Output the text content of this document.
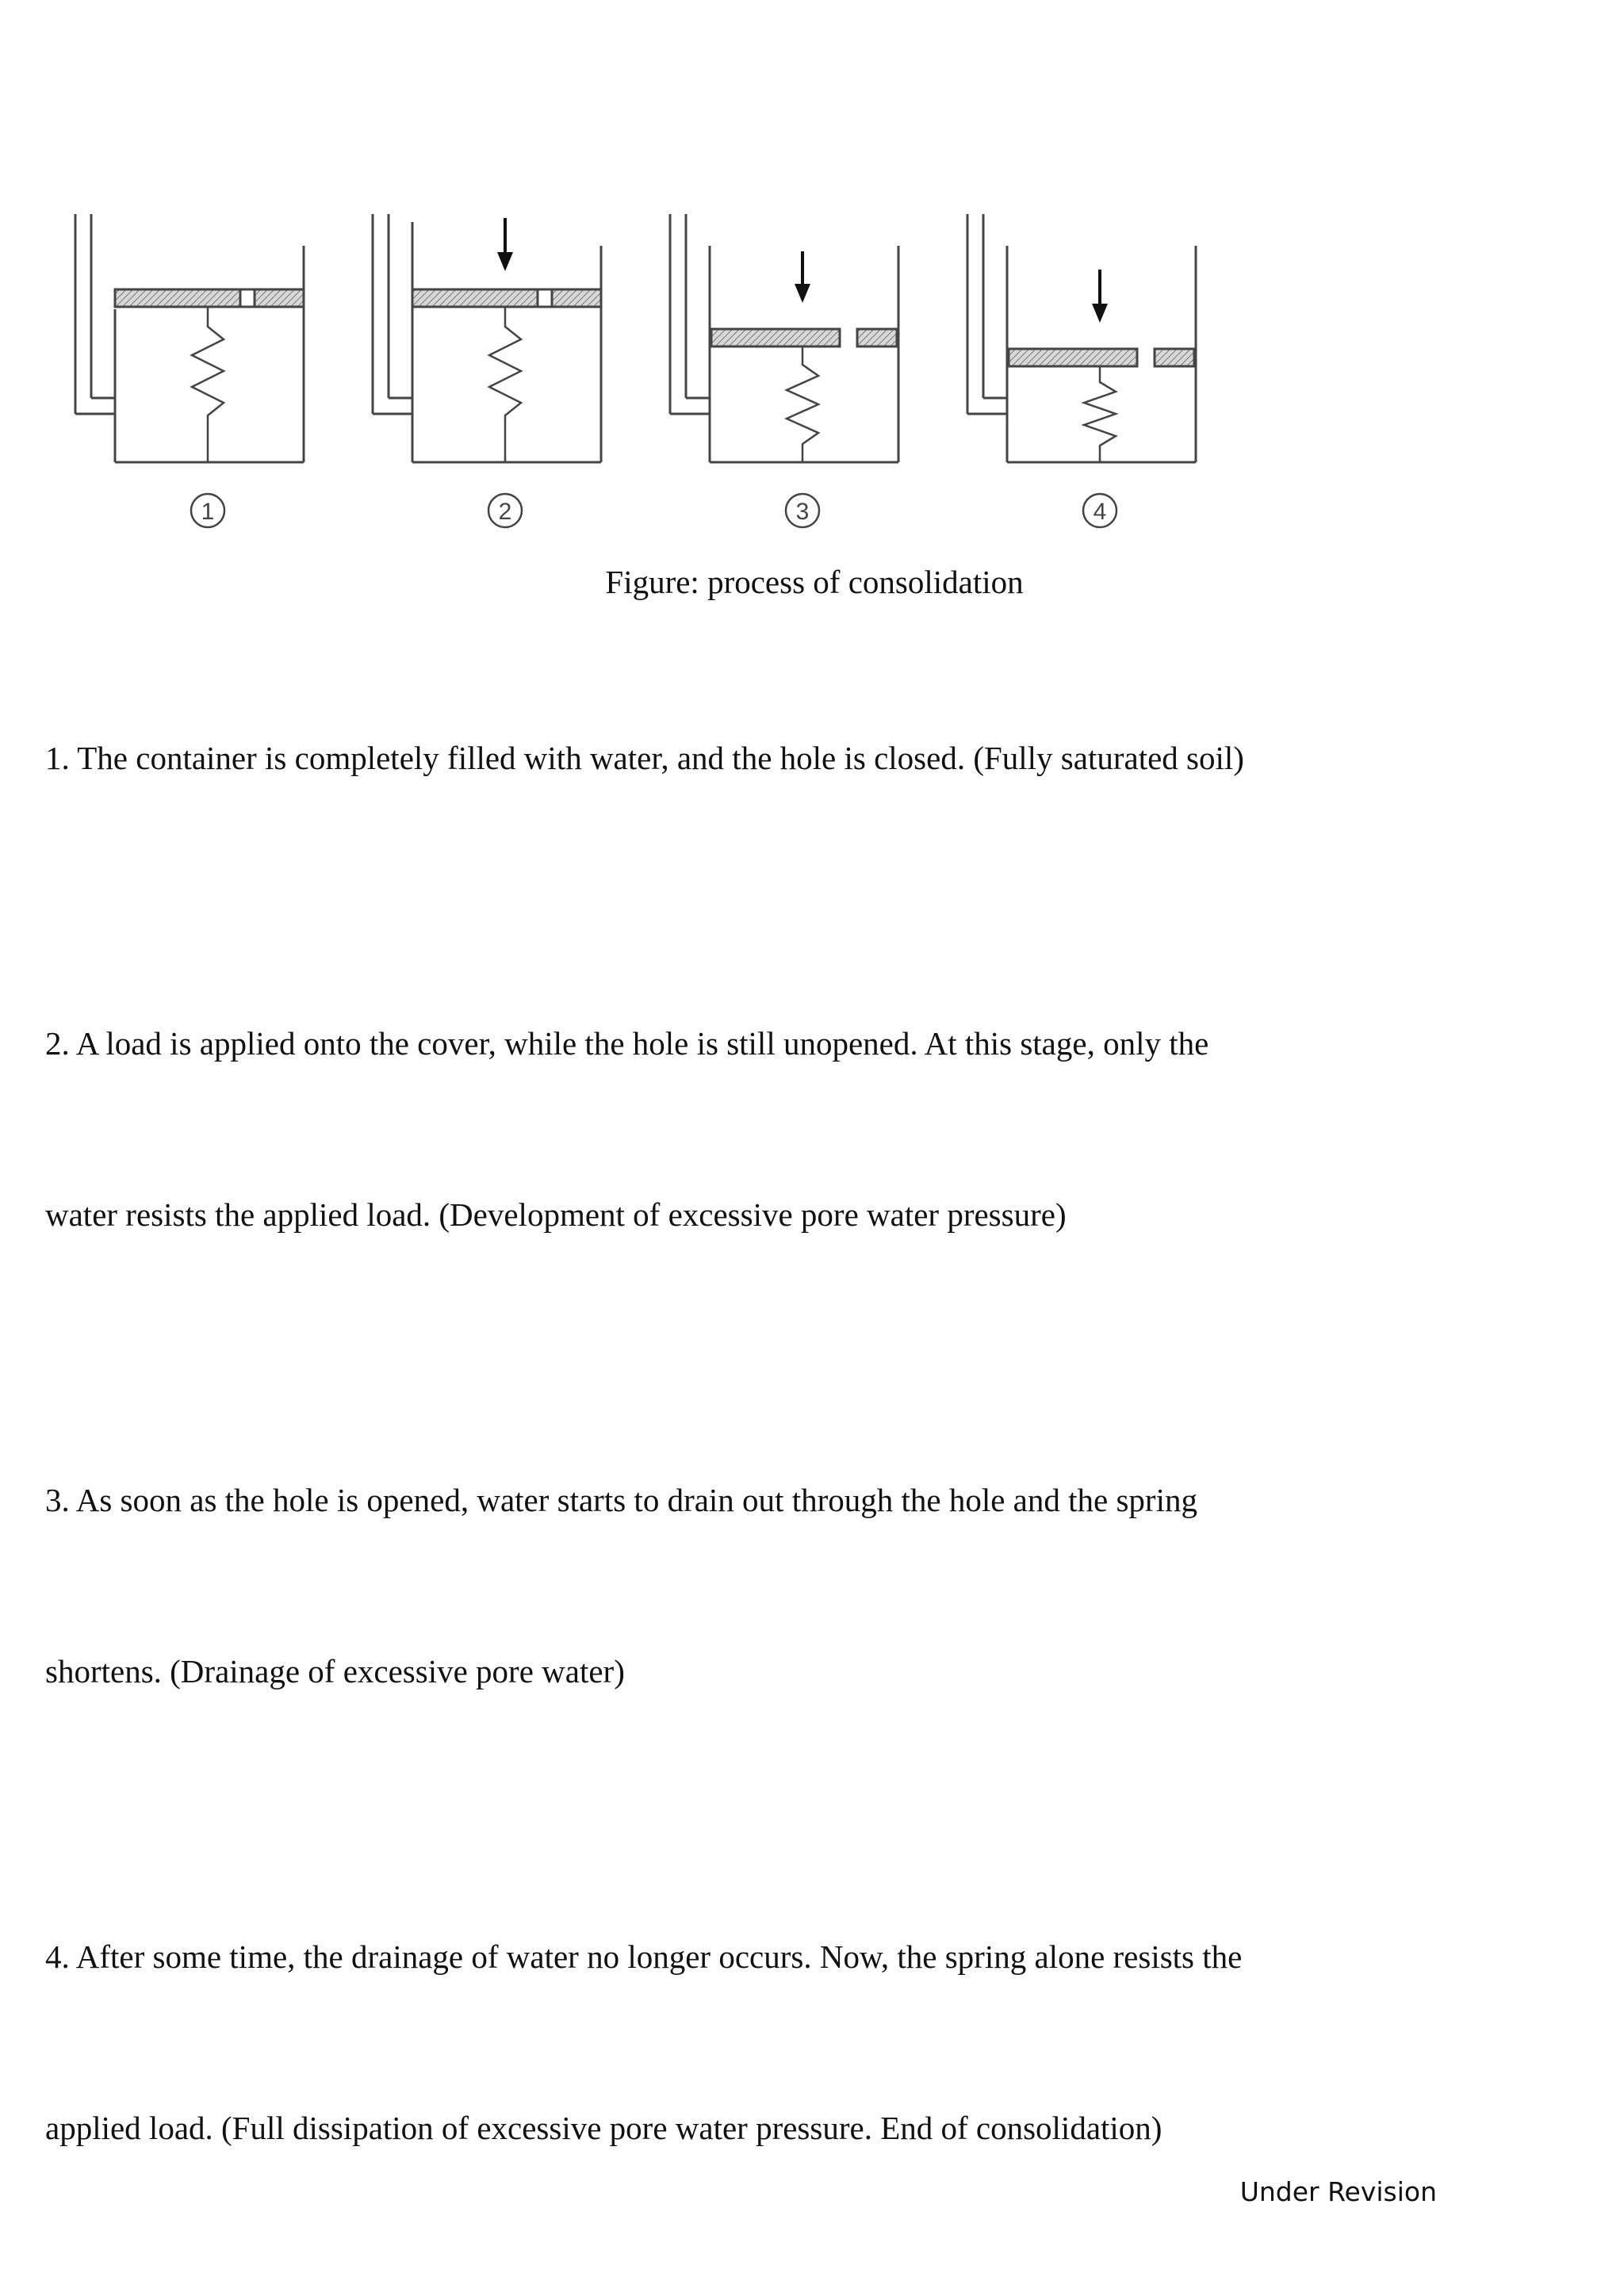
1	2	3	4
Figure: process of consolidation

1. The container is completely filled with water, and the hole is closed. (Fully saturated soil)

2. A load is applied onto the cover, while the hole is still unopened. At this stage, only the

water resists the applied load. (Development of excessive pore water pressure)

3. As soon as the hole is opened, water starts to drain out through the hole and the spring

shortens. (Drainage of excessive pore water)

4. After some time, the drainage of water no longer occurs. Now, the spring alone resists the

applied load. (Full dissipation of excessive pore water pressure. End of consolidation)

Under Revision
